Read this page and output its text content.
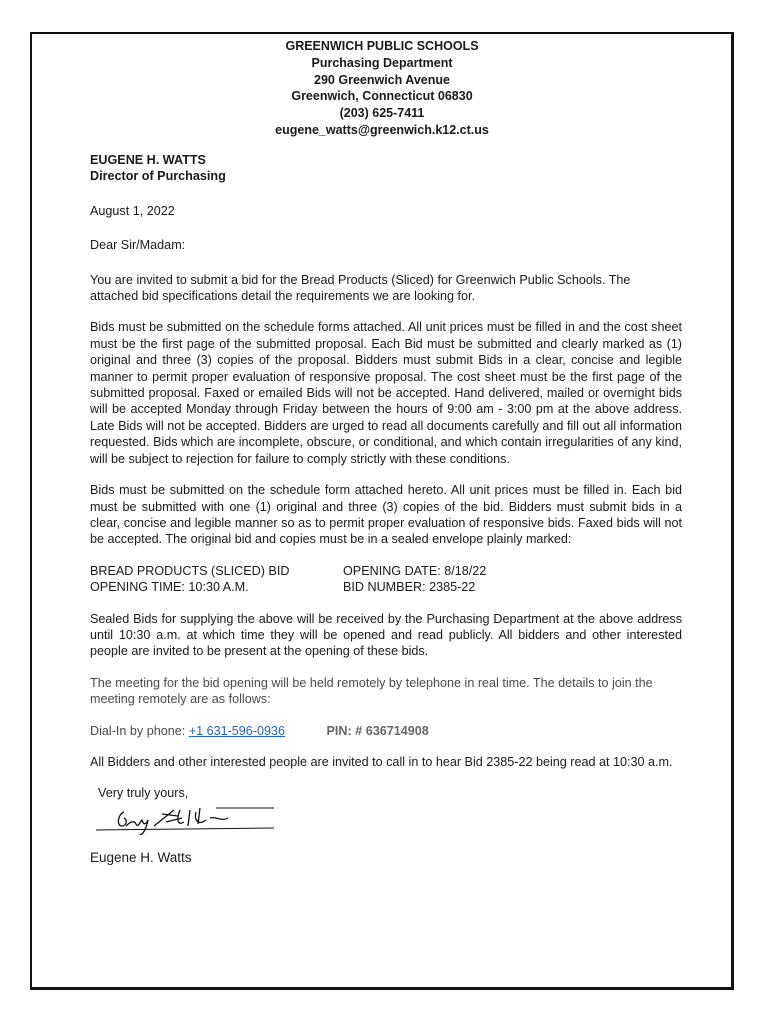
GREENWICH PUBLIC SCHOOLS
Purchasing Department
290 Greenwich Avenue
Greenwich, Connecticut 06830
(203) 625-7411
eugene_watts@greenwich.k12.ct.us
EUGENE H. WATTS
Director of Purchasing

August 1, 2022

Dear Sir/Madam:

You are invited to submit a bid for the Bread Products (Sliced) for Greenwich Public Schools. The attached bid specifications detail the requirements we are looking for.

Bids must be submitted on the schedule forms attached. All unit prices must be filled in and the cost sheet must be the first page of the submitted proposal. Each Bid must be submitted and clearly marked as (1) original and three (3) copies of the proposal. Bidders must submit Bids in a clear, concise and legible manner to permit proper evaluation of responsive proposal. The cost sheet must be the first page of the submitted proposal. Faxed or emailed Bids will not be accepted. Hand delivered, mailed or overnight bids will be accepted Monday through Friday between the hours of 9:00 am - 3:00 pm at the above address. Late Bids will not be accepted. Bidders are urged to read all documents carefully and fill out all information requested. Bids which are incomplete, obscure, or conditional, and which contain irregularities of any kind, will be subject to rejection for failure to comply strictly with these conditions.

Bids must be submitted on the schedule form attached hereto. All unit prices must be filled in. Each bid must be submitted with one (1) original and three (3) copies of the bid. Bidders must submit bids in a clear, concise and legible manner so as to permit proper evaluation of responsive bids. Faxed bids will not be accepted. The original bid and copies must be in a sealed envelope plainly marked:

BREAD PRODUCTS (SLICED) BID	OPENING DATE: 8/18/22
OPENING TIME: 10:30 A.M.	BID NUMBER: 2385-22

Sealed Bids for supplying the above will be received by the Purchasing Department at the above address until 10:30 a.m. at which time they will be opened and read publicly. All bidders and other interested people are invited to be present at the opening of these bids.

The meeting for the bid opening will be held remotely by telephone in real time. The details to join the meeting remotely are as follows:

Dial-In by phone: +1 631-596-0936	PIN: # 636714908

All Bidders and other interested people are invited to call in to hear Bid 2385-22 being read at 10:30 a.m.

Very truly yours,

Eugene H. Watts
